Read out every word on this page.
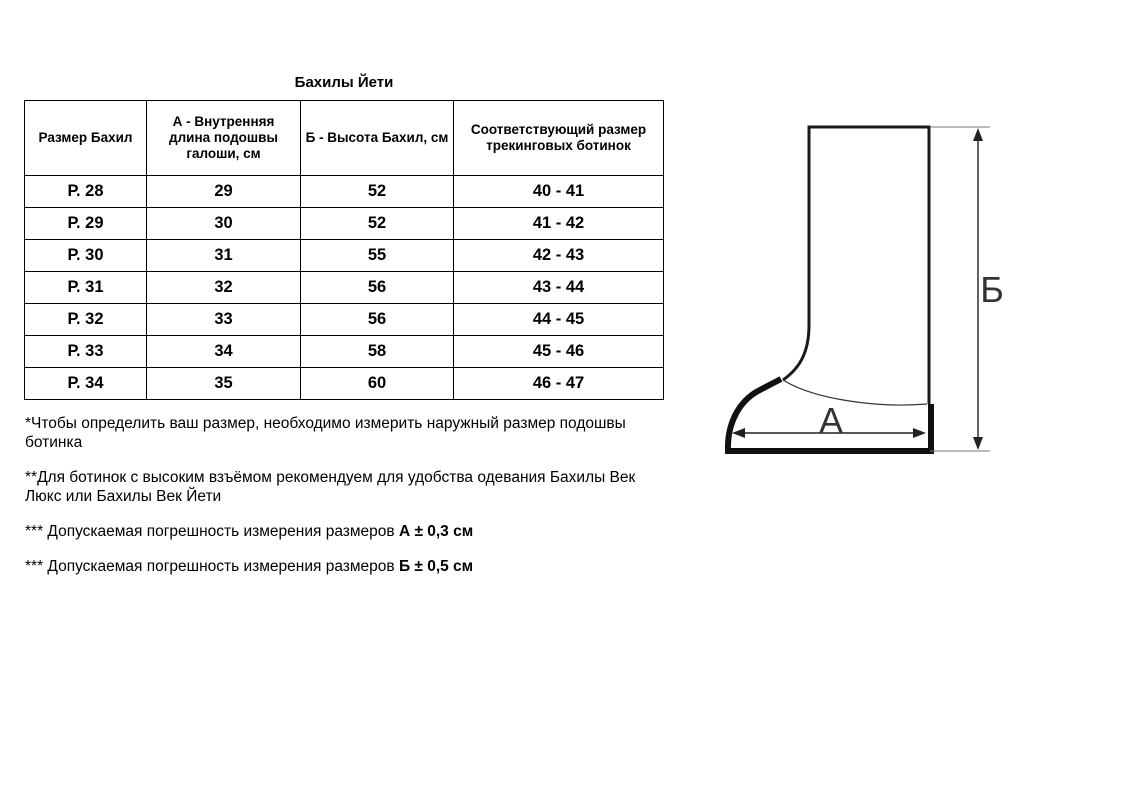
Бахилы Йети
Размер Бахил	А - Внутренняя длина подошвы галоши, см	Б - Высота Бахил, см	Соответствующий размер трекинговых ботинок
Р. 28	29	52	40 - 41
Р. 29	30	52	41 - 42
Р. 30	31	55	42 - 43
Р. 31	32	56	43 - 44
Р. 32	33	56	44 - 45
Р. 33	34	58	45 - 46
Р. 34	35	60	46 - 47

*Чтобы определить ваш размер, необходимо измерить наружный размер подошвы ботинка

**Для ботинок с высоким взъёмом рекомендуем для удобства одевания Бахилы Век Люкс или Бахилы Век Йети

*** Допускаемая погрешность измерения размеров А ± 0,3 см

*** Допускаемая погрешность измерения размеров Б ± 0,5 см

А
Б
